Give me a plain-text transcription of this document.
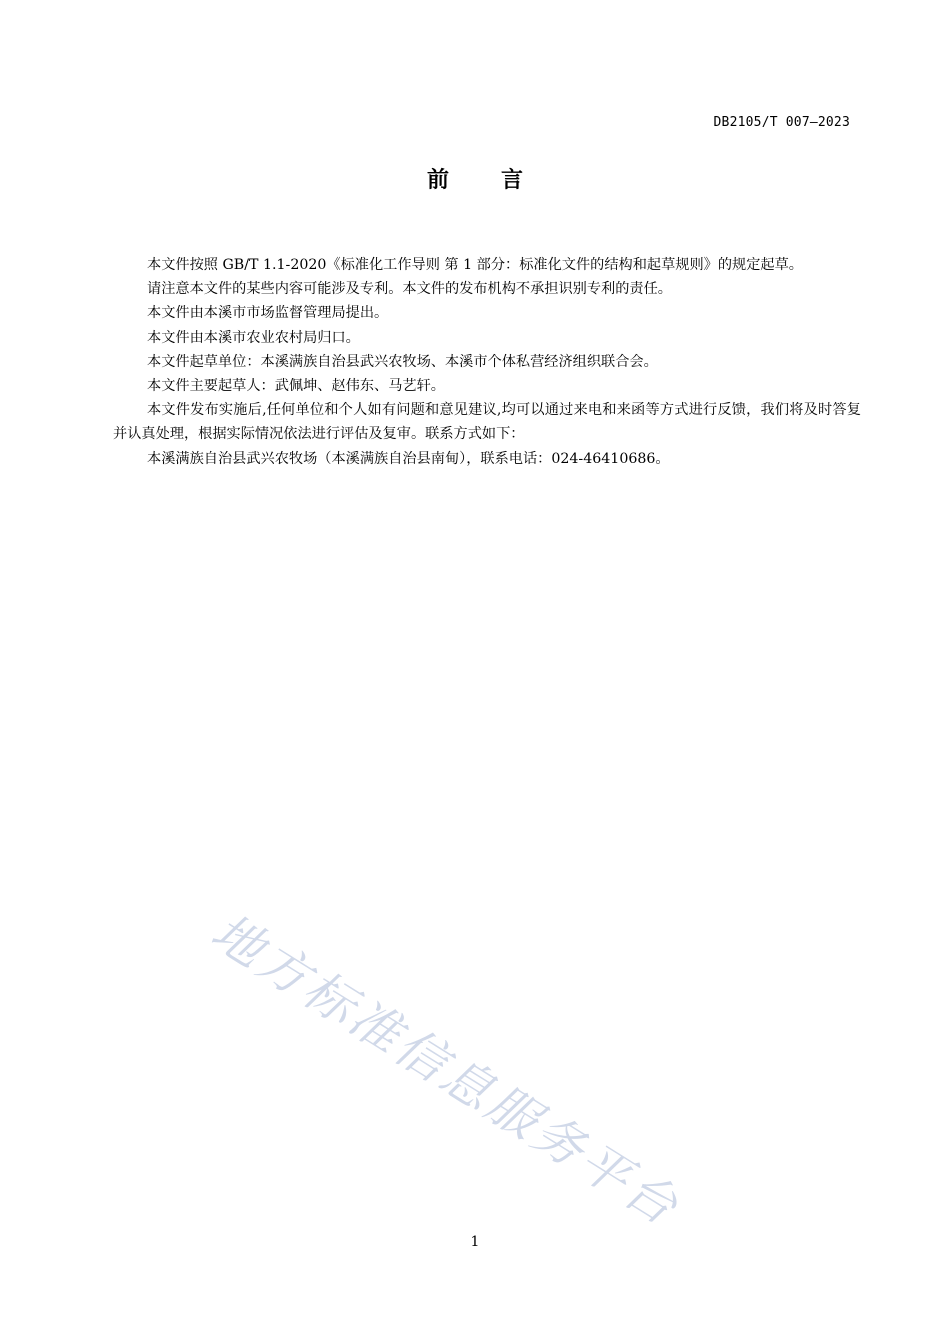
DB2105/T 007—2023
前 言

本文件按照 GB/T 1.1-2020《标准化工作导则 第 1 部分：标准化文件的结构和起草规则》的规定起草。

请注意本文件的某些内容可能涉及专利。本文件的发布机构不承担识别专利的责任。

本文件由本溪市市场监督管理局提出。

本文件由本溪市农业农村局归口。

本文件起草单位：本溪满族自治县武兴农牧场、本溪市个体私营经济组织联合会。

本文件主要起草人：武佩坤、赵伟东、马艺轩。

本文件发布实施后,任何单位和个人如有问题和意见建议,均可以通过来电和来函等方式进行反馈，我们将及时答复并认真处理，根据实际情况依法进行评估及复审。联系方式如下：

本溪满族自治县武兴农牧场（本溪满族自治县南甸），联系电话：024-46410686。

地方标准信息服务平台
1
